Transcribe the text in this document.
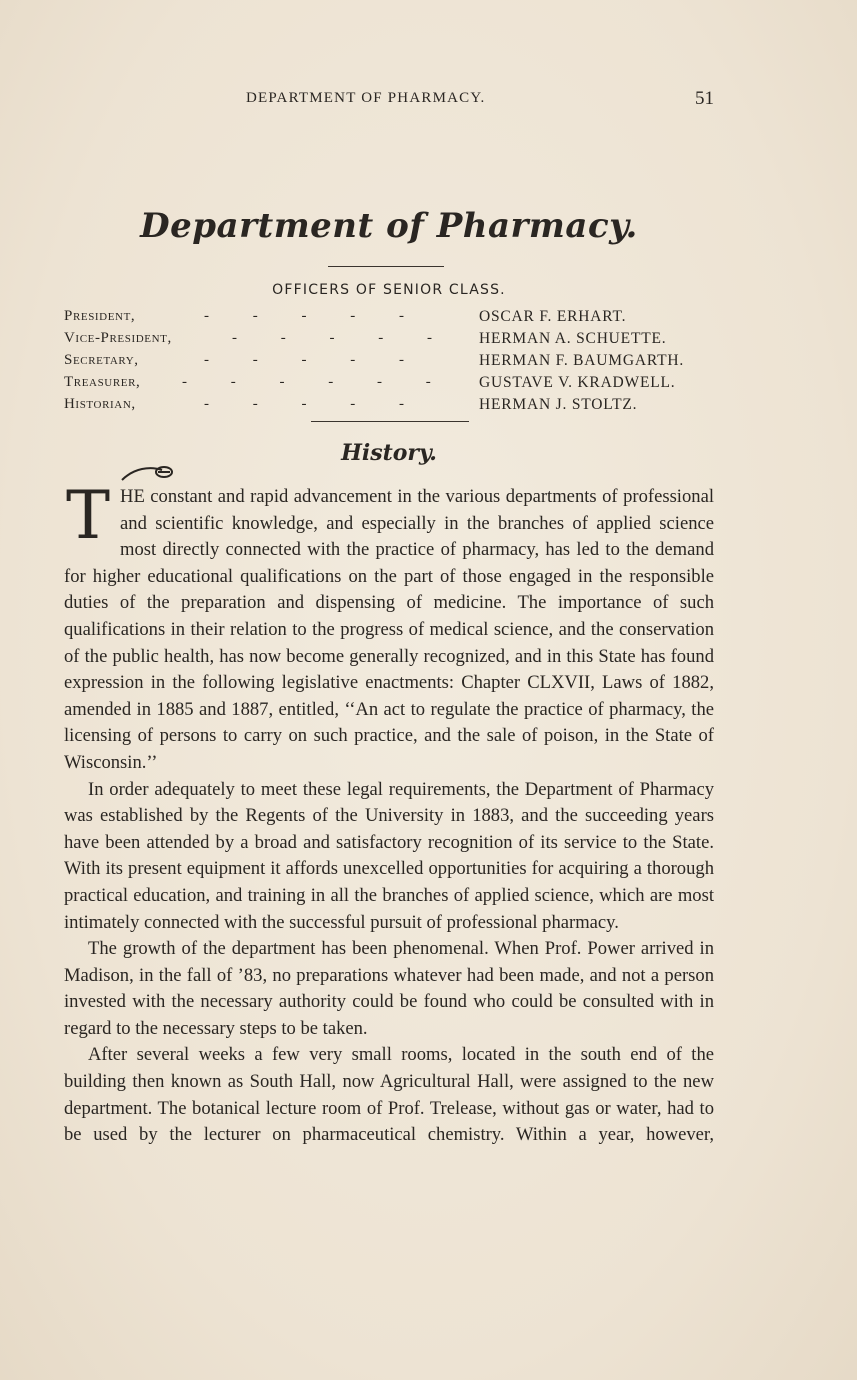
DEPARTMENT OF PHARMACY.	51
Department of Pharmacy.
OFFICERS OF SENIOR CLASS.
President,	- - - - -	OSCAR F. ERHART.
Vice-President,	- - - - -	HERMAN A. SCHUETTE.
Secretary,	- - - - -	HERMAN F. BAUMGARTH.
Treasurer,	- - - - - -	GUSTAVE V. KRADWELL.
Historian,	- - - - -	HERMAN J. STOLTZ.
History.

THE constant and rapid advancement in the various departments of professional and scientific knowledge, and especially in the branches of applied science most directly connected with the practice of pharmacy, has led to the demand for higher educational qualifications on the part of those engaged in the responsible duties of the preparation and dispensing of medicine. The importance of such qualifications in their relation to the progress of medical science, and the conservation of the public health, has now become generally recognized, and in this State has found expression in the following legislative enactments: Chapter CLXVII, Laws of 1882, amended in 1885 and 1887, entitled, ‘‘An act to regulate the practice of pharmacy, the licensing of persons to carry on such practice, and the sale of poison, in the State of Wisconsin.’’

In order adequately to meet these legal requirements, the Department of Pharmacy was established by the Regents of the University in 1883, and the succeeding years have been attended by a broad and satisfactory recognition of its service to the State. With its present equipment it affords unexcelled opportunities for acquiring a thorough practical education, and training in all the branches of applied science, which are most intimately connected with the successful pursuit of professional pharmacy.

The growth of the department has been phenomenal. When Prof. Power arrived in Madison, in the fall of ’83, no preparations whatever had been made, and not a person invested with the necessary authority could be found who could be consulted with in regard to the necessary steps to be taken.

After several weeks a few very small rooms, located in the south end of the building then known as South Hall, now Agricultural Hall, were assigned to the new department. The botanical lecture room of Prof. Trelease, without gas or water, had to be used by the lecturer on pharmaceutical chemistry. Within a year, however,
